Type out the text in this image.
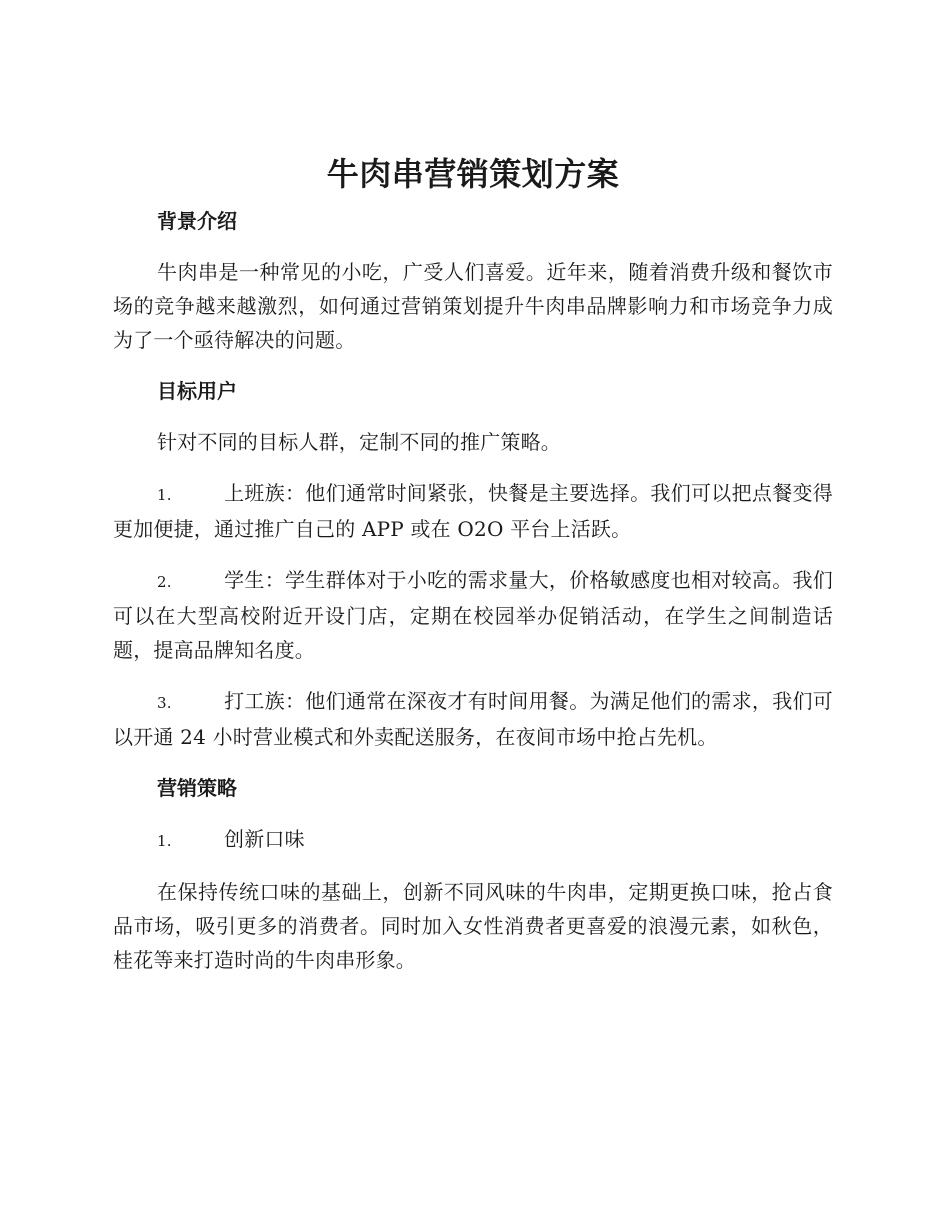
牛肉串营销策划方案
背景介绍

牛肉串是一种常见的小吃，广受人们喜爱。近年来，随着消费升级和餐饮市场的竞争越来越激烈，如何通过营销策划提升牛肉串品牌影响力和市场竞争力成为了一个亟待解决的问题。

目标用户

针对不同的目标人群，定制不同的推广策略。

1.	上班族：他们通常时间紧张，快餐是主要选择。我们可以把点餐变得更加便捷，通过推广自己的 APP 或在 O2O 平台上活跃。

2.	学生：学生群体对于小吃的需求量大，价格敏感度也相对较高。我们可以在大型高校附近开设门店，定期在校园举办促销活动，在学生之间制造话题，提高品牌知名度。

3.	打工族：他们通常在深夜才有时间用餐。为满足他们的需求，我们可以开通 24 小时营业模式和外卖配送服务，在夜间市场中抢占先机。

营销策略

1.	创新口味

在保持传统口味的基础上，创新不同风味的牛肉串，定期更换口味，抢占食品市场，吸引更多的消费者。同时加入女性消费者更喜爱的浪漫元素，如秋色，桂花等来打造时尚的牛肉串形象。
